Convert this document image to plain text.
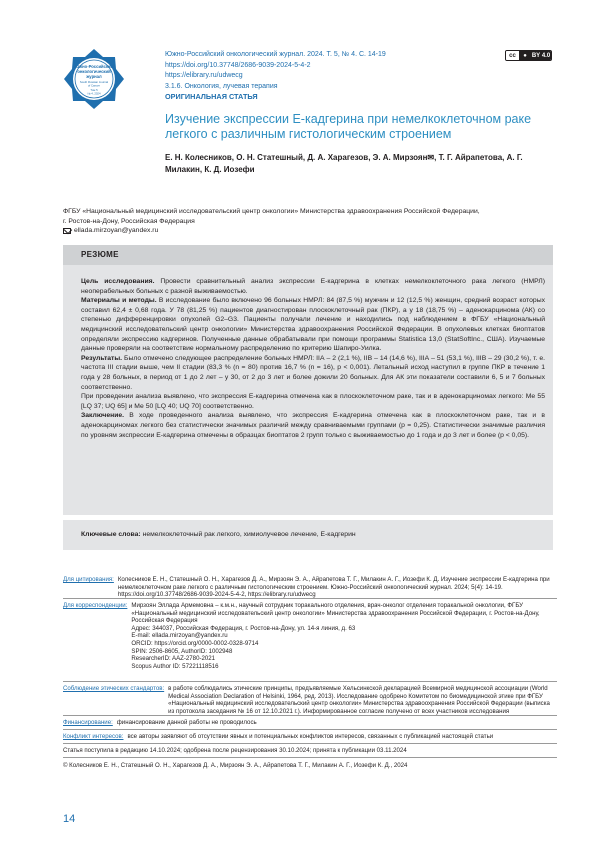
Южно-Российский
онкологический
журнал
South Russian Journal
of Cancer
Том 5
№ 4, 2024
Южно-Российский онкологический журнал. 2024. Т. 5, № 4. С. 14-19
https://doi.org/10.37748/2686-9039-2024-5-4-2
https://elibrary.ru/udwecg
3.1.6. Онкология, лучевая терапия
ОРИГИНАЛЬНАЯ СТАТЬЯ
cc	● BY
4.0
Изучение экспрессии Е-кадгерина при немелкоклеточном раке легкого с различным гистологическим строением
Е. Н. Колесников, О. Н. Статешный, Д. А. Харагезов, Э. А. Мирзоян✉, Т. Г. Айрапетова, А. Г. Милакин, К. Д. Иозефи
ФГБУ «Национальный медицинский исследовательский центр онкологии» Министерства здравоохранения Российской Федерации,
г. Ростов-на-Дону, Российская Федерация
ellada.mirzoyan@yandex.ru
РЕЗЮМЕ

Цель исследования. Провести сравнительный анализ экспрессии Е-кадгерина в клетках немелкоклеточного рака легкого (НМРЛ) неоперабельных больных с разной выживаемостью.

Материалы и методы. В исследование было включено 96 больных НМРЛ: 84 (87,5 %) мужчин и 12 (12,5 %) женщин, средний возраст которых составил 62,4 ± 0,68 года. У 78 (81,25 %) пациентов диагностирован плоскоклеточный рак (ПКР), а у 18 (18,75 %) – аденокарцинома (АК) со степенью дифференцировки опухолей G2–G3. Пациенты получали лечение и находились под наблюдением в ФГБУ «Национальный медицинский исследовательский центр онкологии» Министерства здравоохранения Российской Федерации. В опухолевых клетках биоптатов определяли экспрессию кадгеринов. Полученные данные обрабатывали при помощи программы Statistica 13,0 (StatSoftInc., США). Изучаемые данные проверяли на соответствие нормальному распределению по критерию Шапиро-Уилка.

Результаты. Было отмечено следующее распределение больных НМРЛ: IIА – 2 (2,1 %), IIВ – 14 (14,6 %), IIIА – 51 (53,1 %), IIIВ – 29 (30,2 %), т. е. частота III стадии выше, чем II стадии (83,3 % (n = 80) против 16,7 % (n = 16), p < 0,001). Летальный исход наступил в группе ПКР в течение 1 года у 28 больных, в период от 1 до 2 лет – у 30, от 2 до 3 лет и более дожили 20 больных. Для АК эти показатели составили 6, 5 и 7 больных соответственно.

При проведении анализа выявлено, что экспрессия Е-кадгерина отмечена как в плоскоклеточном раке, так и в аденокарциномах легкого: Ме 55 [LQ 37; UQ 65] и Ме 50 [LQ 40; UQ 70] соответственно.

Заключение. В ходе проведенного анализа выявлено, что экспрессия Е-кадгерина отмечена как в плоскоклеточном раке, так и в аденокарциномах легкого без статистически значимых различий между сравниваемыми группами (p = 0,25). Статистически значимые различия по уровням экспрессии Е-кадгерина отмечены в образцах биоптатов 2 групп только с выживаемостью до 1 года и до 3 лет и более (p < 0,05).

Ключевые слова: немелкоклеточный рак легкого, химиолучевое лечение, Е-кадгерин
Для цитирования: Колесников Е. Н., Статешный О. Н., Харагезов Д. А., Мирзоян Э. А., Айрапетова Т. Г., Милакин А. Г., Иозефи К. Д. Изучение экспрессии Е-кадгерина при немелкоклеточном раке легкого с различным гистологическим строением. Южно-Российский онкологический журнал. 2024; 5(4): 14-19. https://doi.org/10.37748/2686-9039-2024-5-4-2, https://elibrary.ru/udwecg
Для корреспонденции: Мирзоян Эллада Армемовна – к.м.н., научный сотрудник торакального отделения, врач-онколог отделения торакальной онкологии, ФГБУ «Национальный медицинский исследовательский центр онкологии» Министерства здравоохранения Российской Федерации, г. Ростов-на-Дону, Российская Федерация
Адрес: 344037, Российская Федерация, г. Ростов-на-Дону, ул. 14-я линия, д. 63
E-mail: ellada.mirzoyan@yandex.ru
ORCID: https://orcid.org/0000-0002-0328-9714
SPIN: 2506-8605, AuthorID: 1002948
ResearcherID: AAZ-2780-2021
Scopus Author ID: 57221118516
Соблюдение этических стандартов: в работе соблюдались этические принципы, предъявляемые Хельсинкской декларацией Всемирной медицинской ассоциации (World Medical Association Declaration of Helsinki, 1964, ред. 2013). Исследование одобрено Комитетом по биомедицинской этике при ФГБУ «Национальный медицинский исследовательский центр онкологии» Министерства здравоохранения Российской Федерации (выписка из протокола заседания № 16 от 12.10.2021 г.). Информированное согласие получено от всех участников исследования
Финансирование: финансирование данной работы не проводилось
Конфликт интересов: все авторы заявляют об отсутствии явных и потенциальных конфликтов интересов, связанных с публикацией настоящей статьи
Статья поступила в редакцию 14.10.2024; одобрена после рецензирования 30.10.2024; принята к публикации 03.11.2024
© Колесников Е. Н., Статешный О. Н., Харагезов Д. А., Мирзоян Э. А., Айрапетова Т. Г., Милакин А. Г., Иозефи К. Д., 2024
14
